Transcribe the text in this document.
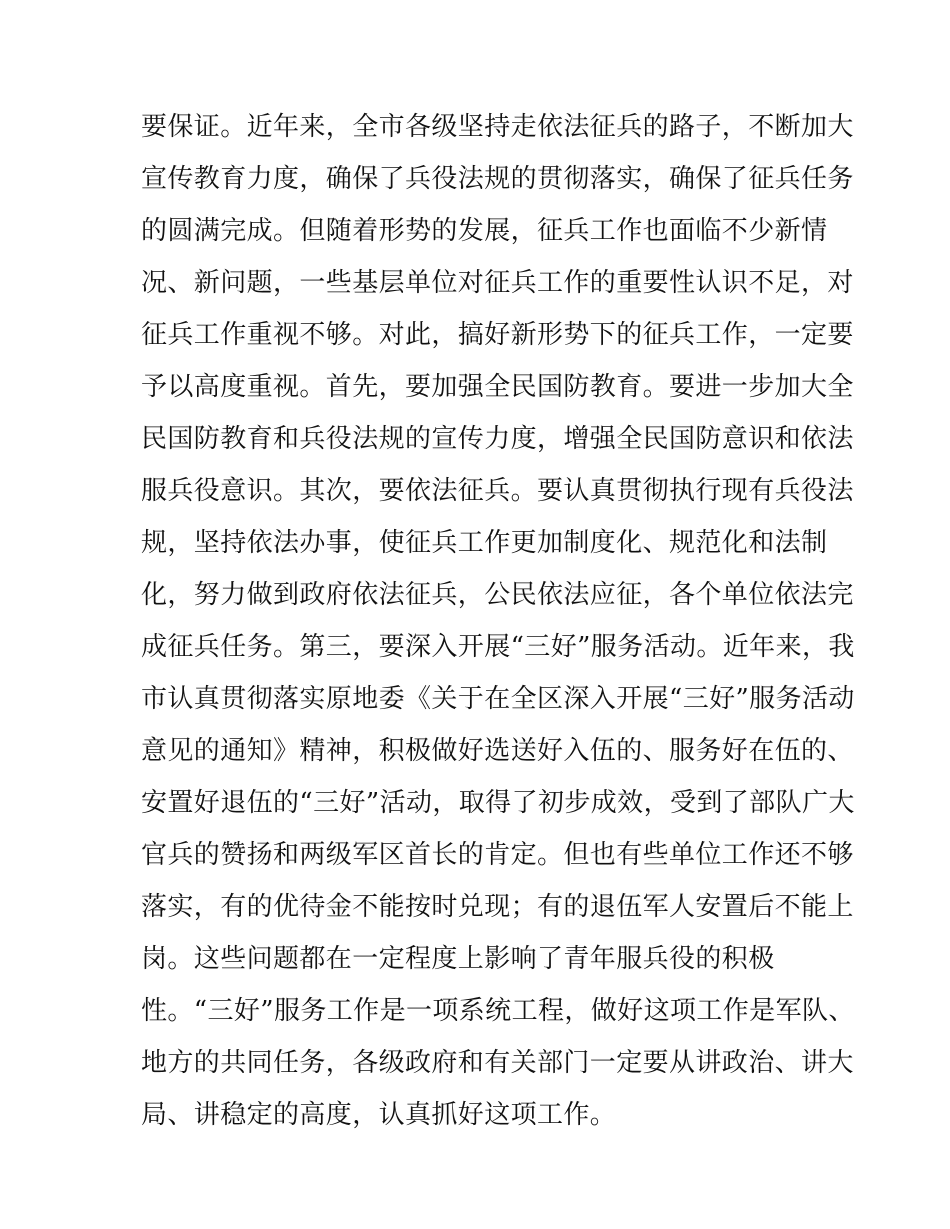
要保证。近年来，全市各级坚持走依法征兵的路子，不断加大
宣传教育力度，确保了兵役法规的贯彻落实，确保了征兵任务
的圆满完成。但随着形势的发展，征兵工作也面临不少新情
况、新问题，一些基层单位对征兵工作的重要性认识不足，对
征兵工作重视不够。对此，搞好新形势下的征兵工作，一定要
予以高度重视。首先，要加强全民国防教育。要进一步加大全
民国防教育和兵役法规的宣传力度，增强全民国防意识和依法
服兵役意识。其次，要依法征兵。要认真贯彻执行现有兵役法
规，坚持依法办事，使征兵工作更加制度化、规范化和法制
化，努力做到政府依法征兵，公民依法应征，各个单位依法完
成征兵任务。第三，要深入开展“三好”服务活动。近年来，我
市认真贯彻落实原地委《关于在全区深入开展“三好”服务活动
意见的通知》精神，积极做好选送好入伍的、服务好在伍的、
安置好退伍的“三好”活动，取得了初步成效，受到了部队广大
官兵的赞扬和两级军区首长的肯定。但也有些单位工作还不够
落实，有的优待金不能按时兑现；有的退伍军人安置后不能上
岗。这些问题都在一定程度上影响了青年服兵役的积极
性。“三好”服务工作是一项系统工程，做好这项工作是军队、
地方的共同任务，各级政府和有关部门一定要从讲政治、讲大
局、讲稳定的高度，认真抓好这项工作。
